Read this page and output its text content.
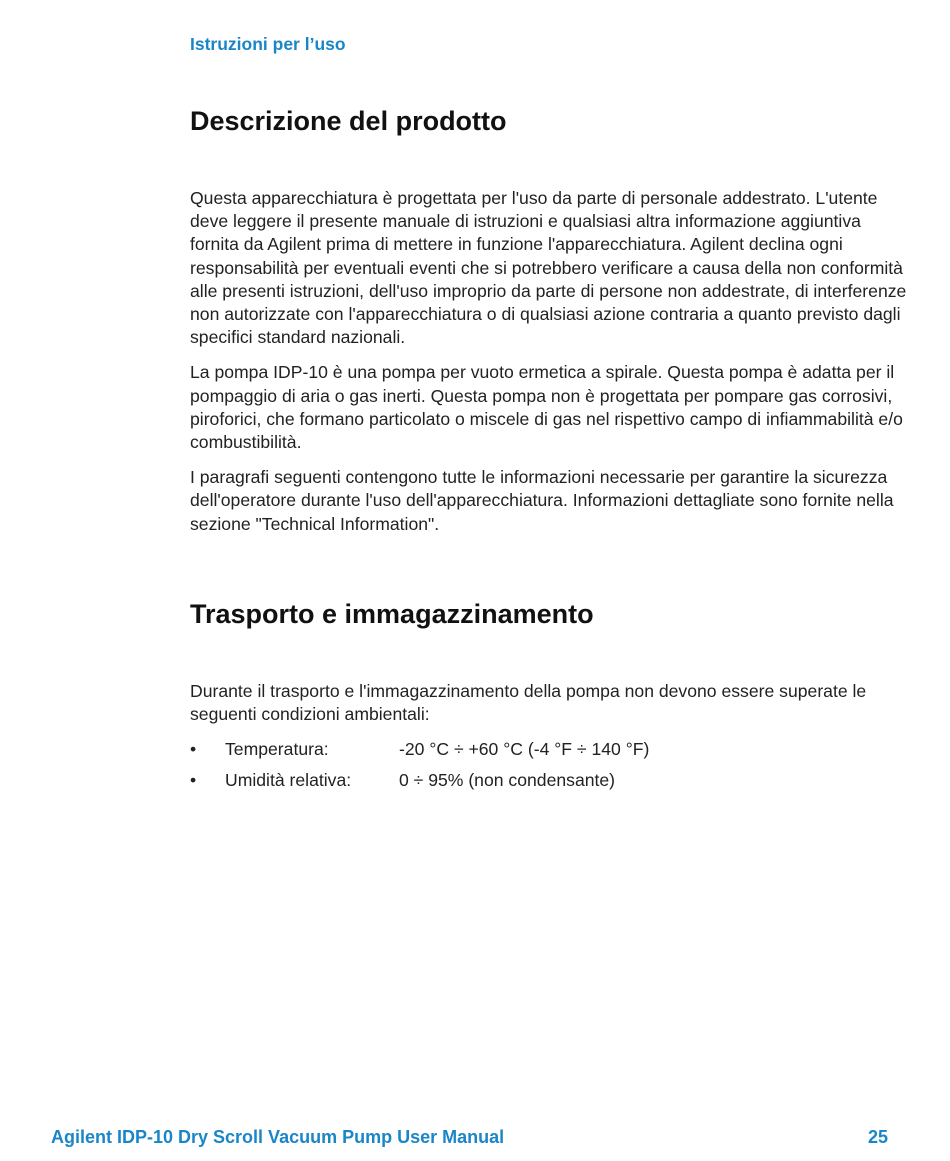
Istruzioni per l’uso
Descrizione del prodotto

Questa apparecchiatura è progettata per l'uso da parte di personale addestrato. L'utente deve leggere il presente manuale di istruzioni e qualsiasi altra informazione aggiuntiva fornita da Agilent prima di mettere in funzione l'apparecchiatura. Agilent declina ogni responsabilità per eventuali eventi che si potrebbero verificare a causa della non conformità alle presenti istruzioni, dell'uso improprio da parte di persone non addestrate, di interferenze non autorizzate con l'apparecchiatura o di qualsiasi azione contraria a quanto previsto dagli specifici standard nazionali.

La pompa IDP-10 è una pompa per vuoto ermetica a spirale. Questa pompa è adatta per il pompaggio di aria o gas inerti. Questa pompa non è progettata per pompare gas corrosivi, piroforici, che formano particolato o miscele di gas nel rispettivo campo di infiammabilità e/o combustibilità.

I paragrafi seguenti contengono tutte le informazioni necessarie per garantire la sicurezza dell'operatore durante l'uso dell'apparecchiatura. Informazioni dettagliate sono fornite nella sezione "Technical Information".

Trasporto e immagazzinamento

Durante il trasporto e l'immagazzinamento della pompa non devono essere superate le seguenti condizioni ambientali:

• Temperatura:	-20 °C ÷ +60 °C (-4 °F ÷ 140 °F)
• Umidità relativa:	0 ÷ 95% (non condensante)
Agilent IDP-10 Dry Scroll Vacuum Pump User Manual	25
